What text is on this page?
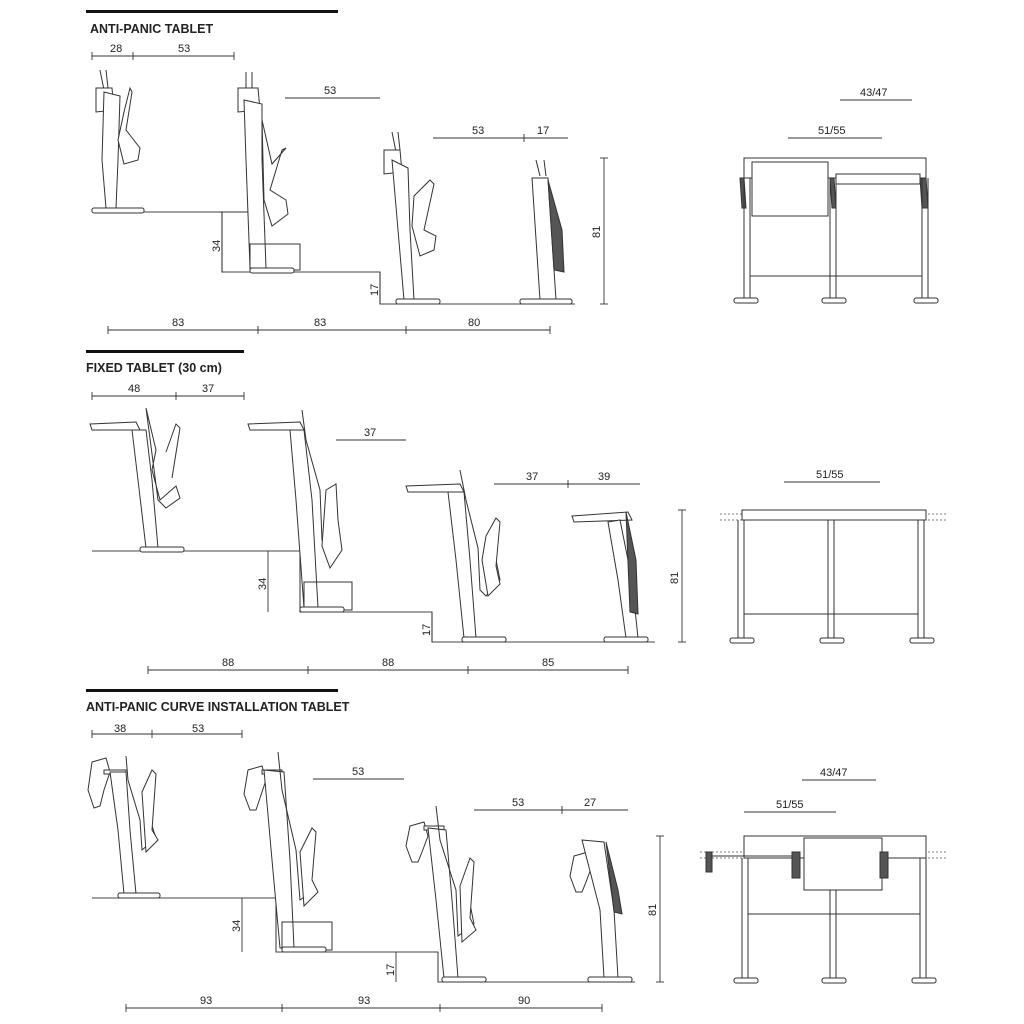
ANTI-PANIC TABLET
28	53
53
53	17
34
17
81
83	83	80
43/47
51/55
FIXED TABLET (30 cm)
48	37
37
37	39
34
17
81
88	88	85
51/55
ANTI-PANIC CURVE INSTALLATION TABLET
38	53
53
53	27
34
17
81
93	93	90
43/47
51/55
